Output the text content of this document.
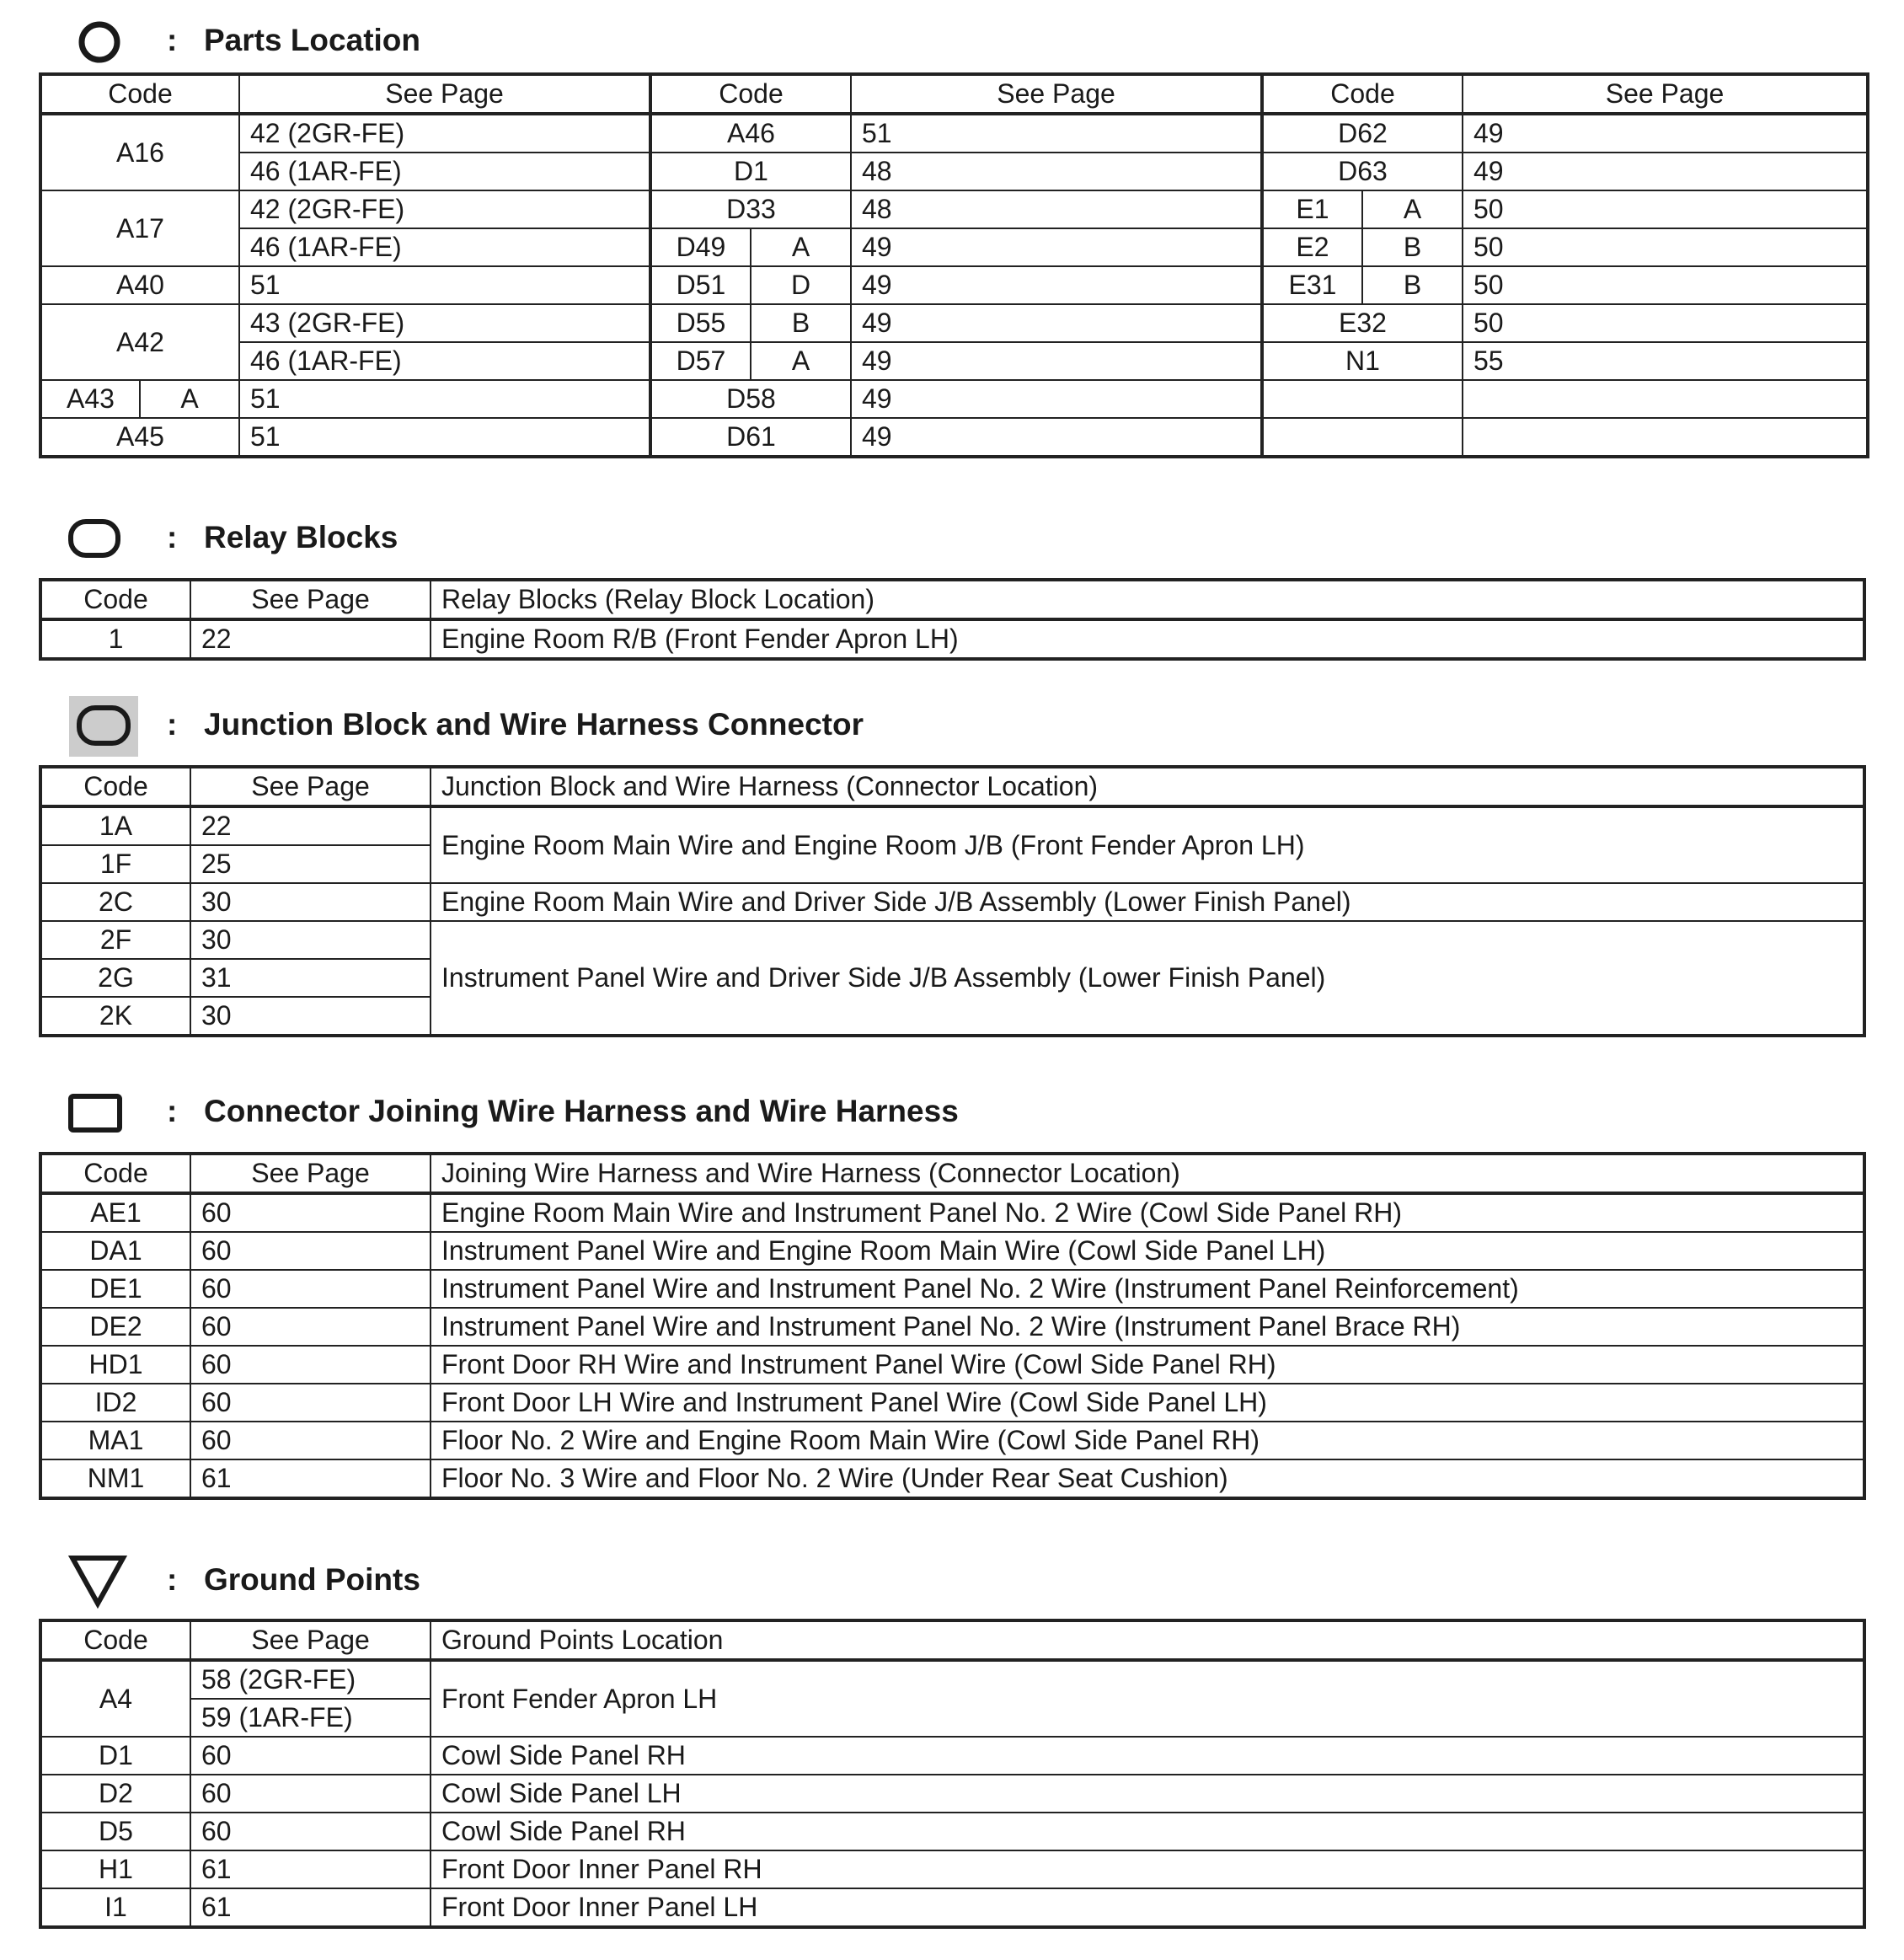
: Parts Location
Code		See Page	Code		See Page	Code		See Page
A16		42 (2GR-FE)	A46		51	D62		49
		46 (1AR-FE)	D1		48	D63		49
A17		42 (2GR-FE)	D33		48	E1	A	50
		46 (1AR-FE)	D49	A	49	E2	B	50
A40		51	D51	D	49	E31	B	50
A42		43 (2GR-FE)	D55	B	49	E32		50
		46 (1AR-FE)	D57	A	49	N1		55
A43	A	51	D58		49			
A45		51	D61		49			
: Relay Blocks
Code	See Page	Relay Blocks (Relay Block Location)
1	22	Engine Room R/B (Front Fender Apron LH)
: Junction Block and Wire Harness Connector
Code	See Page	Junction Block and Wire Harness (Connector Location)
1A	22	Engine Room Main Wire and Engine Room J/B (Front Fender Apron LH)
1F	25	
2C	30	Engine Room Main Wire and Driver Side J/B Assembly (Lower Finish Panel)
2F	30	Instrument Panel Wire and Driver Side J/B Assembly (Lower Finish Panel)
2G	31	
2K	30	
: Connector Joining Wire Harness and Wire Harness
Code	See Page	Joining Wire Harness and Wire Harness (Connector Location)
AE1	60	Engine Room Main Wire and Instrument Panel No. 2 Wire (Cowl Side Panel RH)
DA1	60	Instrument Panel Wire and Engine Room Main Wire (Cowl Side Panel LH)
DE1	60	Instrument Panel Wire and Instrument Panel No. 2 Wire (Instrument Panel Reinforcement)
DE2	60	Instrument Panel Wire and Instrument Panel No. 2 Wire (Instrument Panel Brace RH)
HD1	60	Front Door RH Wire and Instrument Panel Wire (Cowl Side Panel RH)
ID2	60	Front Door LH Wire and Instrument Panel Wire (Cowl Side Panel LH)
MA1	60	Floor No. 2 Wire and Engine Room Main Wire (Cowl Side Panel RH)
NM1	61	Floor No. 3 Wire and Floor No. 2 Wire (Under Rear Seat Cushion)
: Ground Points
Code	See Page	Ground Points Location
A4	58 (2GR-FE)	Front Fender Apron LH
	59 (1AR-FE)	
D1	60	Cowl Side Panel RH
D2	60	Cowl Side Panel LH
D5	60	Cowl Side Panel RH
H1	61	Front Door Inner Panel RH
I1	61	Front Door Inner Panel LH
